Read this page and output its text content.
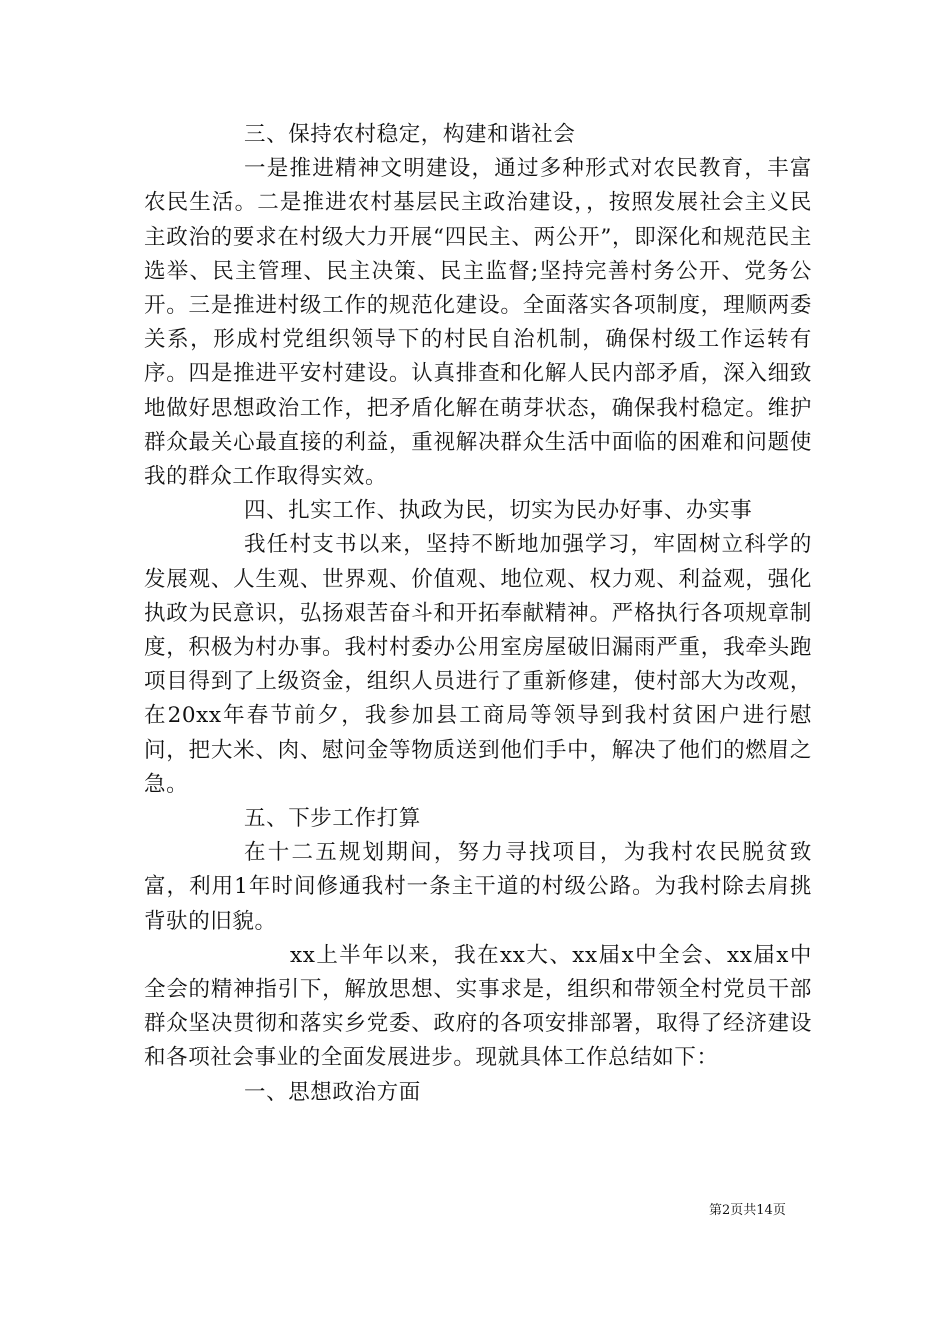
三、保持农村稳定，构建和谐社会

一是推进精神文明建设，通过多种形式对农民教育，丰富农民生活。二是推进农村基层民主政治建设，，按照发展社会主义民主政治的要求在村级大力开展“四民主、两公开”，即深化和规范民主选举、民主管理、民主决策、民主监督;坚持完善村务公开、党务公开。三是推进村级工作的规范化建设。全面落实各项制度，理顺两委关系，形成村党组织领导下的村民自治机制，确保村级工作运转有序。四是推进平安村建设。认真排查和化解人民内部矛盾，深入细致地做好思想政治工作，把矛盾化解在萌芽状态，确保我村稳定。维护群众最关心最直接的利益，重视解决群众生活中面临的困难和问题使我的群众工作取得实效。

四、扎实工作、执政为民，切实为民办好事、办实事

我任村支书以来，坚持不断地加强学习，牢固树立科学的发展观、人生观、世界观、价值观、地位观、权力观、利益观，强化执政为民意识，弘扬艰苦奋斗和开拓奉献精神。严格执行各项规章制度，积极为村办事。我村村委办公用室房屋破旧漏雨严重，我牵头跑项目得到了上级资金，组织人员进行了重新修建，使村部大为改观，在20xx年春节前夕，我参加县工商局等领导到我村贫困户进行慰问，把大米、肉、慰问金等物质送到他们手中，解决了他们的燃眉之急。

五、下步工作打算

在十二五规划期间，努力寻找项目，为我村农民脱贫致富，利用1年时间修通我村一条主干道的村级公路。为我村除去肩挑背驮的旧貌。

xx上半年以来，我在xx大、xx届x中全会、xx届x中全会的精神指引下，解放思想、实事求是，组织和带领全村党员干部群众坚决贯彻和落实乡党委、政府的各项安排部署，取得了经济建设和各项社会事业的全面发展进步。现就具体工作总结如下：

一、思想政治方面

第2页共14页
